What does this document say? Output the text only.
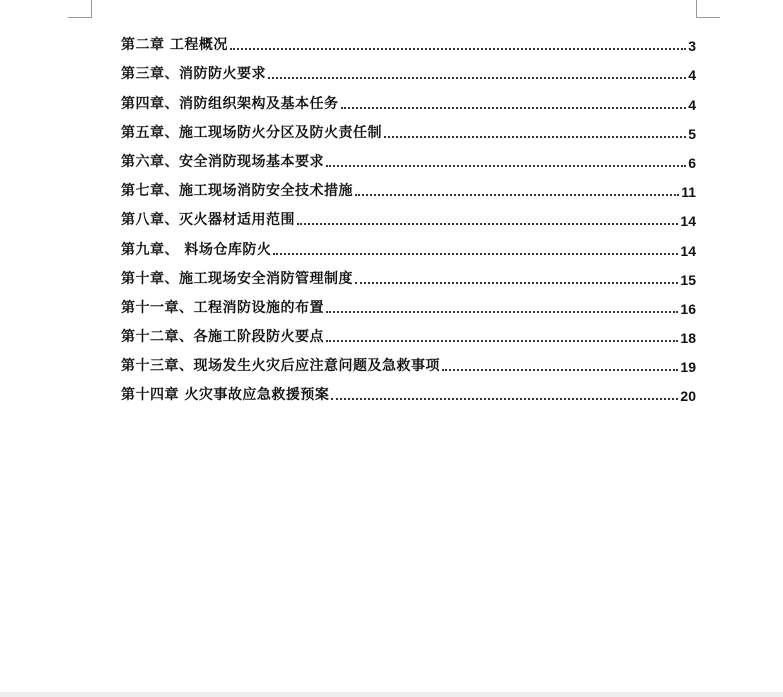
第二章 工程概况	3
第三章、消防防火要求	4
第四章、消防组织架构及基本任务	4
第五章、施工现场防火分区及防火责任制	5
第六章、安全消防现场基本要求	6
第七章、施工现场消防安全技术措施	11
第八章、灭火器材适用范围	14
第九章、 料场仓库防火	14
第十章、施工现场安全消防管理制度	15
第十一章、工程消防设施的布置	16
第十二章、各施工阶段防火要点	18
第十三章、现场发生火灾后应注意问题及急救事项	19
第十四章 火灾事故应急救援预案	20
